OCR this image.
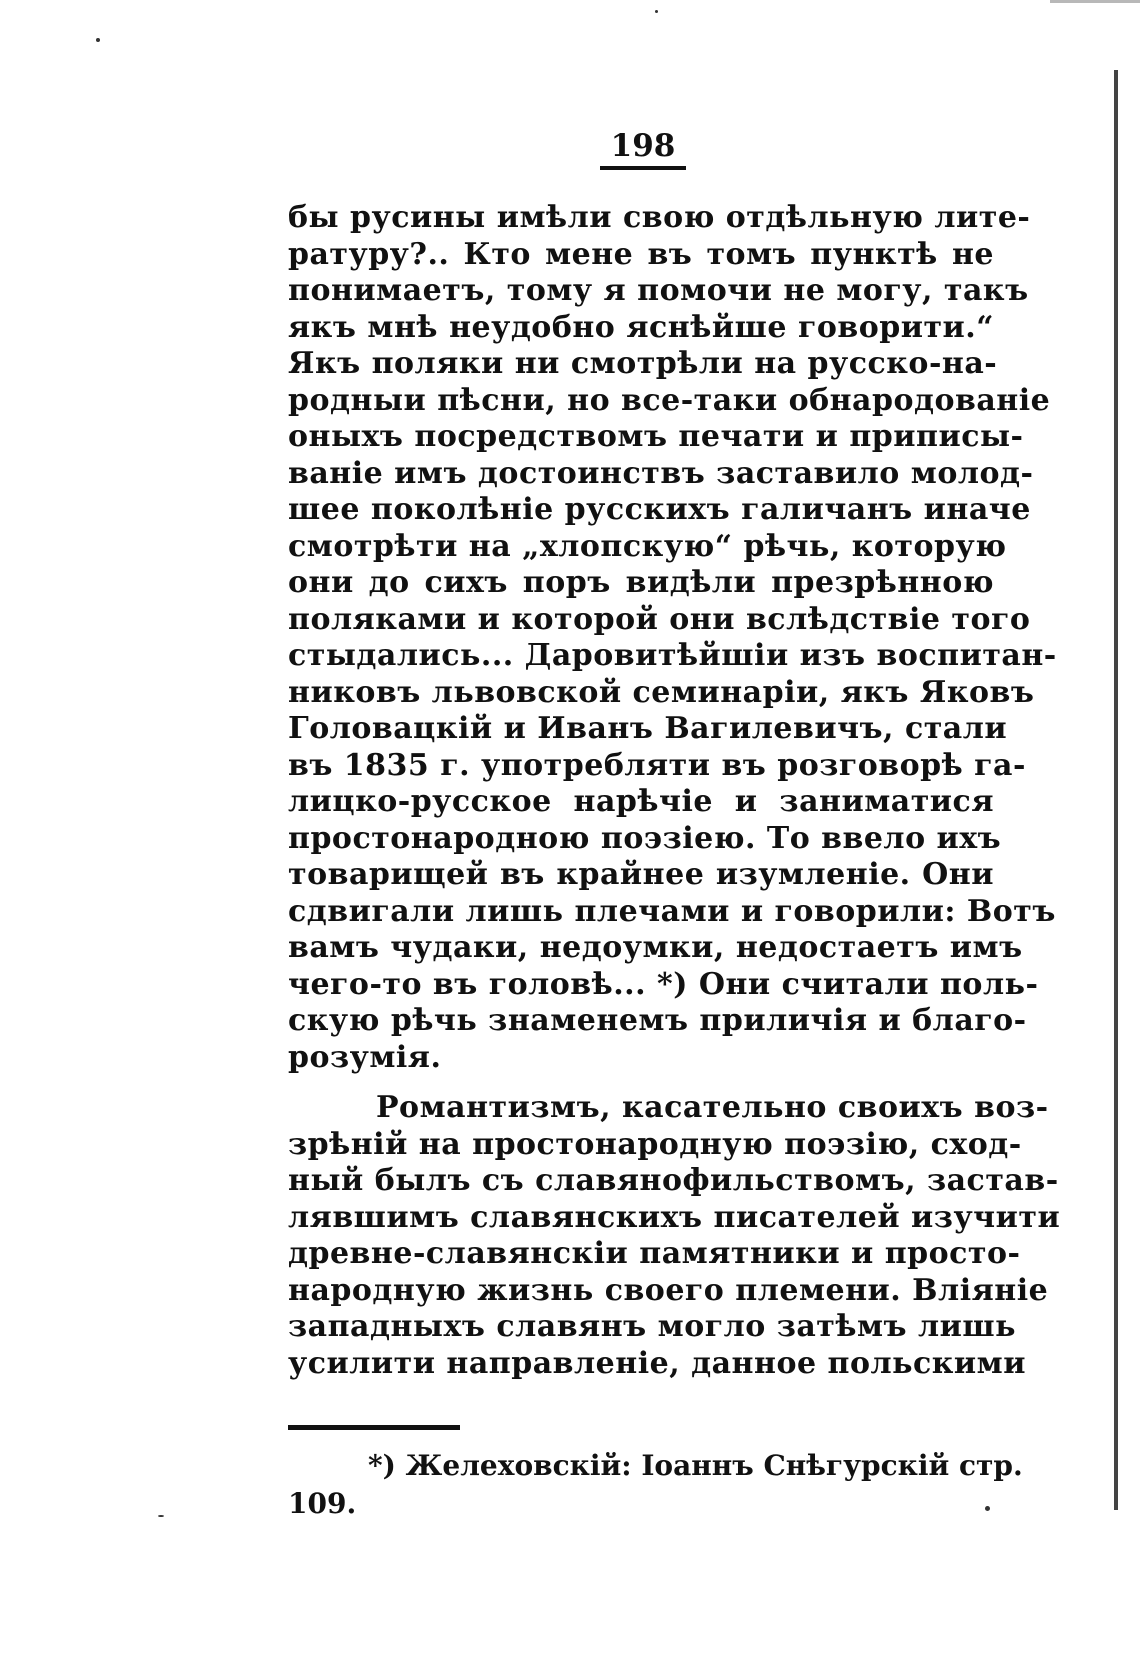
198
бы русины имѣли свою отдѣльную лите-
ратуру?.. Кто мене въ томъ пунктѣ не
понимаетъ, тому я помочи не могу, такъ
якъ мнѣ неудобно яснѣйше говорити.“
Якъ поляки ни смотрѣли на русско-на-
родныи пѣсни, но все-таки обнародованіе
оныхъ посредствомъ печати и приписы-
ваніе имъ достоинствъ заставило молод-
шее поколѣніе русскихъ галичанъ иначе
смотрѣти на „хлопскую“ рѣчь, которую
они до сихъ поръ видѣли презрѣнною
поляками и которой они вслѣдствіе того
стыдались... Даровитѣйшіи изъ воспитан-
никовъ львовской семинаріи, якъ Яковъ
Головацкій и Иванъ Вагилевичъ, стали
въ 1835 г. употребляти въ розговорѣ га-
лицко-русское нарѣчіе и заниматися
простонародною поэзіею. То ввело ихъ
товарищей въ крайнее изумленіе. Они
сдвигали лишь плечами и говорили: Вотъ
вамъ чудаки, недоумки, недостаетъ имъ
чего-то въ головѣ... *) Они считали поль-
скую рѣчь знаменемъ приличія и благо-
розумія.
Романтизмъ, касательно своихъ воз-
зрѣній на простонародную поэзію, сход-
ный былъ съ славянофильствомъ, застав-
лявшимъ славянскихъ писателей изучити
древне-славянскіи памятники и просто-
народную жизнь своего племени. Вліяніе
западныхъ славянъ могло затѣмъ лишь
усилити направленіе, данное польскими
*) Желеховскій: Іоаннъ Снѣгурскій стр.
109.
